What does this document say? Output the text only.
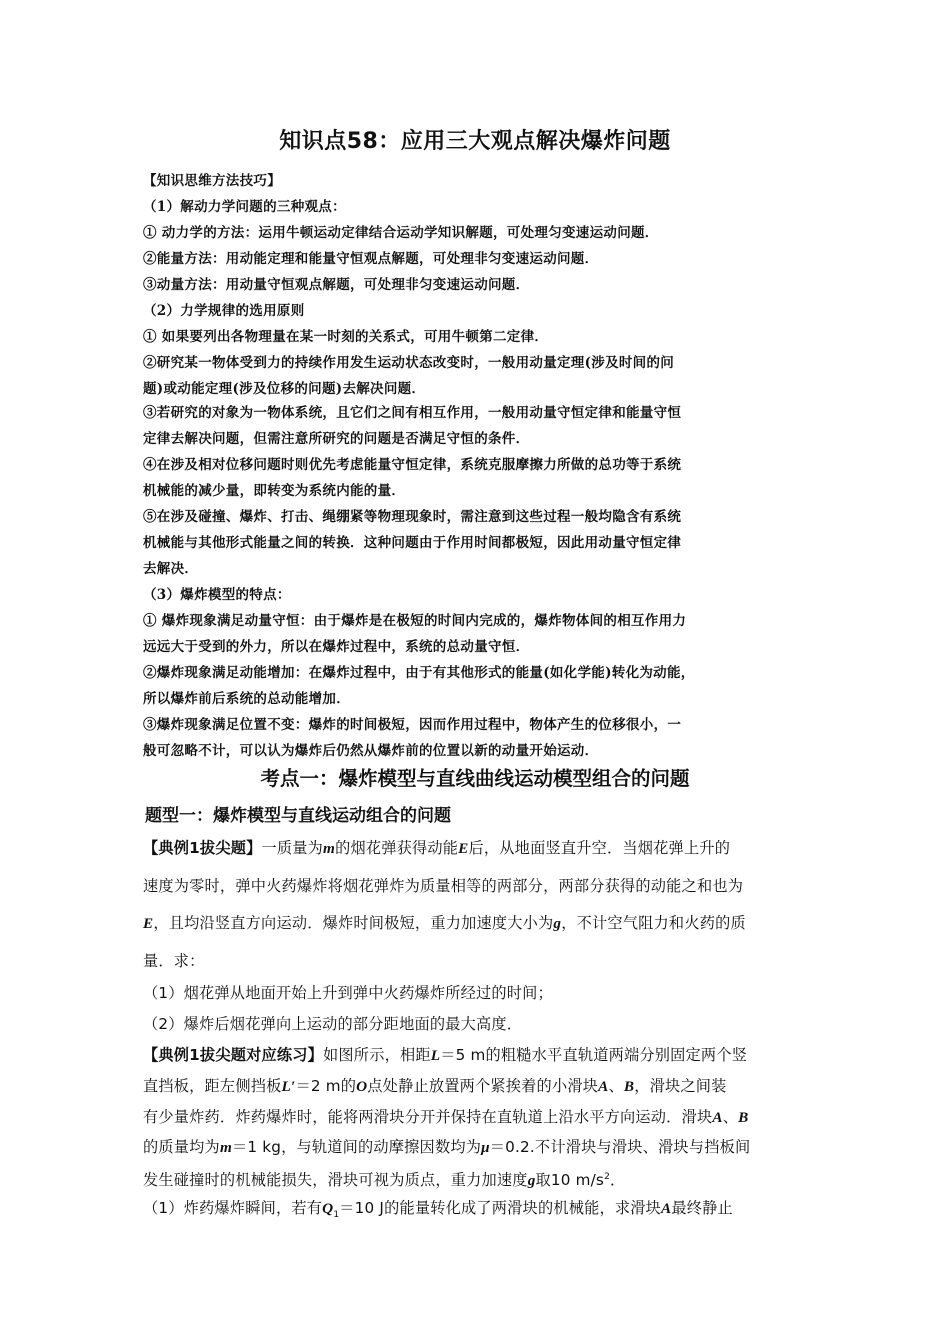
知识点58：应用三大观点解决爆炸问题
【知识思维方法技巧】
（1）解动力学问题的三种观点：
① 动力学的方法：运用牛顿运动定律结合运动学知识解题，可处理匀变速运动问题．
②能量方法：用动能定理和能量守恒观点解题，可处理非匀变速运动问题．
③动量方法：用动量守恒观点解题，可处理非匀变速运动问题．
（2）力学规律的选用原则
① 如果要列出各物理量在某一时刻的关系式，可用牛顿第二定律．
②研究某一物体受到力的持续作用发生运动状态改变时，一般用动量定理(涉及时间的问
题)或动能定理(涉及位移的问题)去解决问题．
③若研究的对象为一物体系统，且它们之间有相互作用，一般用动量守恒定律和能量守恒
定律去解决问题，但需注意所研究的问题是否满足守恒的条件．
④在涉及相对位移问题时则优先考虑能量守恒定律，系统克服摩擦力所做的总功等于系统
机械能的减少量，即转变为系统内能的量．
⑤在涉及碰撞、爆炸、打击、绳绷紧等物理现象时，需注意到这些过程一般均隐含有系统
机械能与其他形式能量之间的转换．这种问题由于作用时间都极短，因此用动量守恒定律
去解决．
（3）爆炸模型的特点：
① 爆炸现象满足动量守恒：由于爆炸是在极短的时间内完成的，爆炸物体间的相互作用力
远远大于受到的外力，所以在爆炸过程中，系统的总动量守恒．
②爆炸现象满足动能增加：在爆炸过程中，由于有其他形式的能量(如化学能)转化为动能，
所以爆炸前后系统的总动能增加．
③爆炸现象满足位置不变：爆炸的时间极短，因而作用过程中，物体产生的位移很小，一
般可忽略不计，可以认为爆炸后仍然从爆炸前的位置以新的动量开始运动．
考点一：爆炸模型与直线曲线运动模型组合的问题
题型一：爆炸模型与直线运动组合的问题
【典例1拔尖题】一质量为m的烟花弹获得动能E后，从地面竖直升空．当烟花弹上升的
速度为零时，弹中火药爆炸将烟花弹炸为质量相等的两部分，两部分获得的动能之和也为
E，且均沿竖直方向运动．爆炸时间极短，重力加速度大小为g，不计空气阻力和火药的质
量．求：
（1）烟花弹从地面开始上升到弹中火药爆炸所经过的时间；
（2）爆炸后烟花弹向上运动的部分距地面的最大高度．
【典例1拔尖题对应练习】如图所示，相距L＝5 m的粗糙水平直轨道两端分别固定两个竖
直挡板，距左侧挡板L′＝2 m的O点处静止放置两个紧挨着的小滑块A、B，滑块之间装
有少量炸药．炸药爆炸时，能将两滑块分开并保持在直轨道上沿水平方向运动．滑块A、B
的质量均为m＝1 kg，与轨道间的动摩擦因数均为μ＝0.2.不计滑块与滑块、滑块与挡板间
发生碰撞时的机械能损失，滑块可视为质点，重力加速度g取10 $m/s^2$．
（1）炸药爆炸瞬间，若有$Q_1=10$ J的能量转化成了两滑块的机械能，求滑块A最终静止
